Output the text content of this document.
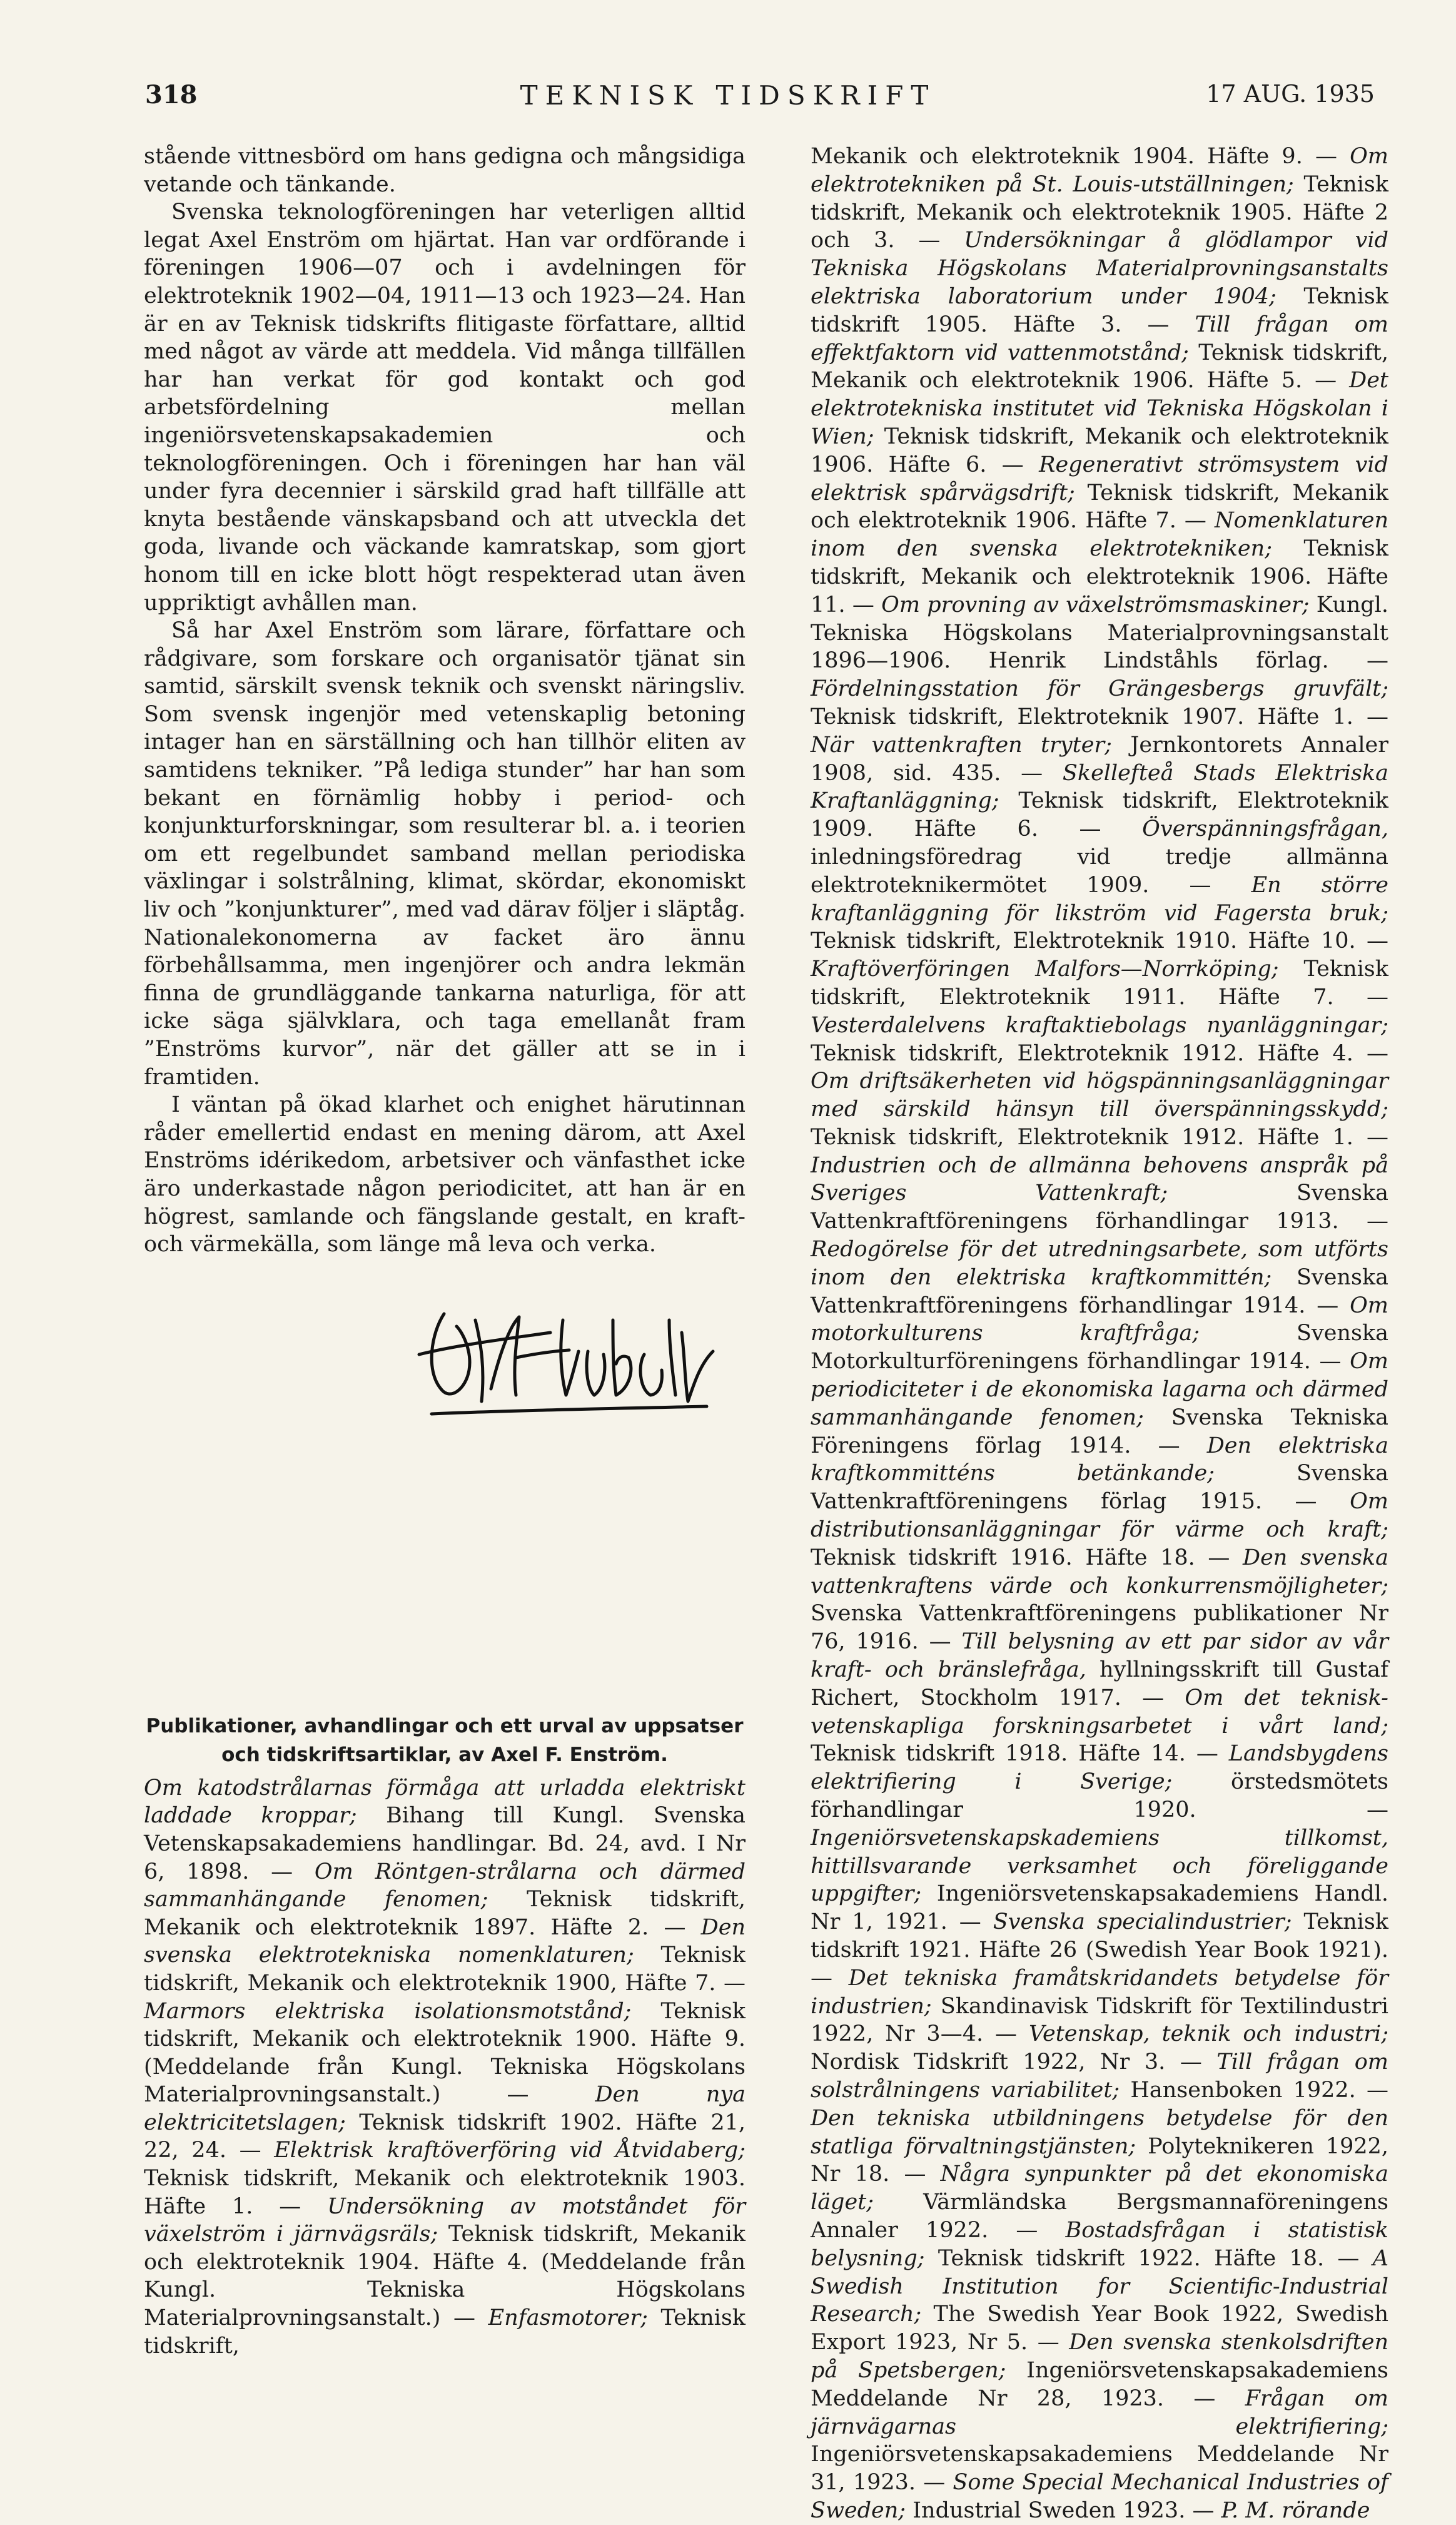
318	TEKNISK TIDSKRIFT	17 AUG. 1935

stående vittnesbörd om hans gedigna och mångsidiga vetande och tänkande.

Svenska teknologföreningen har veterligen alltid legat Axel Enström om hjärtat. Han var ordförande i föreningen 1906—07 och i avdelningen för elektroteknik 1902—04, 1911—13 och 1923—24. Han är en av Teknisk tidskrifts flitigaste författare, alltid med något av värde att meddela. Vid många tillfällen har han verkat för god kontakt och god arbetsfördelning mellan ingeniörsvetenskapsakademien och teknologföreningen. Och i föreningen har han väl under fyra decennier i särskild grad haft tillfälle att knyta bestående vänskapsband och att utveckla det goda, livande och väckande kamratskap, som gjort honom till en icke blott högt respekterad utan även uppriktigt avhållen man.

Så har Axel Enström som lärare, författare och rådgivare, som forskare och organisatör tjänat sin samtid, särskilt svensk teknik och svenskt näringsliv. Som svensk ingenjör med vetenskaplig betoning intager han en särställning och han tillhör eliten av samtidens tekniker. ”På lediga stunder” har han som bekant en förnämlig hobby i period- och konjunkturforskningar, som resulterar bl. a. i teorien om ett regelbundet samband mellan periodiska växlingar i solstrålning, klimat, skördar, ekonomiskt liv och ”konjunkturer”, med vad därav följer i släptåg. Nationalekonomerna av facket äro ännu förbehållsamma, men ingenjörer och andra lekmän finna de grundläggande tankarna naturliga, för att icke säga självklara, och taga emellanåt fram ”Enströms kurvor”, när det gäller att se in i framtiden.

I väntan på ökad klarhet och enighet härutinnan råder emellertid endast en mening därom, att Axel Enströms idérikedom, arbetsiver och vänfasthet icke äro underkastade någon periodicitet, att han är en högrest, samlande och fängslande gestalt, en kraft- och värmekälla, som länge må leva och verka.

Publikationer, avhandlingar och ett urval av uppsatser och tidskriftsartiklar, av Axel F. Enström.

Om katodstrålarnas förmåga att urladda elektriskt laddade kroppar; Bihang till Kungl. Svenska Vetenskapsakademiens handlingar. Bd. 24, avd. I Nr 6, 1898. — Om Röntgen-strålarna och därmed sammanhängande fenomen; Teknisk tidskrift, Mekanik och elektroteknik 1897. Häfte 2. — Den svenska elektrotekniska nomenklaturen; Teknisk tidskrift, Mekanik och elektroteknik 1900, Häfte 7. — Marmors elektriska isolationsmotstånd; Teknisk tidskrift, Mekanik och elektroteknik 1900. Häfte 9. (Meddelande från Kungl. Tekniska Högskolans Materialprovningsanstalt.) — Den nya elektricitetslagen; Teknisk tidskrift 1902. Häfte 21, 22, 24. — Elektrisk kraftöverföring vid Åtvidaberg; Teknisk tidskrift, Mekanik och elektroteknik 1903. Häfte 1. — Undersökning av motståndet för växelström i järnvägsräls; Teknisk tidskrift, Mekanik och elektroteknik 1904. Häfte 4. (Meddelande från Kungl. Tekniska Högskolans Materialprovningsanstalt.) — Enfasmotorer; Teknisk tidskrift,

Mekanik och elektroteknik 1904. Häfte 9. — Om elektrotekniken på St. Louis-utställningen; Teknisk tidskrift, Mekanik och elektroteknik 1905. Häfte 2 och 3. — Undersökningar å glödlampor vid Tekniska Högskolans Materialprovningsanstalts elektriska laboratorium under 1904; Teknisk tidskrift 1905. Häfte 3. — Till frågan om effektfaktorn vid vattenmotstånd; Teknisk tidskrift, Mekanik och elektroteknik 1906. Häfte 5. — Det elektrotekniska institutet vid Tekniska Högskolan i Wien; Teknisk tidskrift, Mekanik och elektroteknik 1906. Häfte 6. — Regenerativt strömsystem vid elektrisk spårvägsdrift; Teknisk tidskrift, Mekanik och elektroteknik 1906. Häfte 7. — Nomenklaturen inom den svenska elektrotekniken; Teknisk tidskrift, Mekanik och elektroteknik 1906. Häfte 11. — Om provning av växelströmsmaskiner; Kungl. Tekniska Högskolans Materialprovningsanstalt 1896—1906. Henrik Lindståhls förlag. — Fördelningsstation för Grängesbergs gruvfält; Teknisk tidskrift, Elektroteknik 1907. Häfte 1. — När vattenkraften tryter; Jernkontorets Annaler 1908, sid. 435. — Skellefteå Stads Elektriska Kraftanläggning; Teknisk tidskrift, Elektroteknik 1909. Häfte 6. — Överspänningsfrågan, inledningsföredrag vid tredje allmänna elektroteknikermötet 1909. — En större kraftanläggning för likström vid Fagersta bruk; Teknisk tidskrift, Elektroteknik 1910. Häfte 10. — Kraftöverföringen Malfors—Norrköping; Teknisk tidskrift, Elektroteknik 1911. Häfte 7. — Vesterdalelvens kraftaktiebolags nyanläggningar; Teknisk tidskrift, Elektroteknik 1912. Häfte 4. — Om driftsäkerheten vid högspänningsanläggningar med särskild hänsyn till överspänningsskydd; Teknisk tidskrift, Elektroteknik 1912. Häfte 1. — Industrien och de allmänna behovens anspråk på Sveriges Vattenkraft; Svenska Vattenkraftföreningens förhandlingar 1913. — Redogörelse för det utredningsarbete, som utförts inom den elektriska kraftkommittén; Svenska Vattenkraftföreningens förhandlingar 1914. — Om motorkulturens kraftfråga; Svenska Motorkulturföreningens förhandlingar 1914. — Om periodiciteter i de ekonomiska lagarna och därmed sammanhängande fenomen; Svenska Tekniska Föreningens förlag 1914. — Den elektriska kraftkommitténs betänkande; Svenska Vattenkraftföreningens förlag 1915. — Om distributionsanläggningar för värme och kraft; Teknisk tidskrift 1916. Häfte 18. — Den svenska vattenkraftens värde och konkurrensmöjligheter; Svenska Vattenkraftföreningens publikationer Nr 76, 1916. — Till belysning av ett par sidor av vår kraft- och bränslefråga, hyllningsskrift till Gustaf Richert, Stockholm 1917. — Om det teknisk-vetenskapliga forskningsarbetet i vårt land; Teknisk tidskrift 1918. Häfte 14. — Landsbygdens elektrifiering i Sverige; örstedsmötets förhandlingar 1920. — Ingeniörsvetenskapskademiens tillkomst, hittillsvarande verksamhet och föreliggande uppgifter; Ingeniörsvetenskapsakademiens Handl. Nr 1, 1921. — Svenska specialindustrier; Teknisk tidskrift 1921. Häfte 26 (Swedish Year Book 1921). — Det tekniska framåtskridandets betydelse för industrien; Skandinavisk Tidskrift för Textilindustri 1922, Nr 3—4. — Vetenskap, teknik och industri; Nordisk Tidskrift 1922, Nr 3. — Till frågan om solstrålningens variabilitet; Hansenboken 1922. — Den tekniska utbildningens betydelse för den statliga förvaltningstjänsten; Polyteknikeren 1922, Nr 18. — Några synpunkter på det ekonomiska läget; Värmländska Bergsmannaföreningens Annaler 1922. — Bostadsfrågan i statistisk belysning; Teknisk tidskrift 1922. Häfte 18. — A Swedish Institution for Scientific-Industrial Research; The Swedish Year Book 1922, Swedish Export 1923, Nr 5. — Den svenska stenkolsdriften på Spetsbergen; Ingeniörsvetenskapsakademiens Meddelande Nr 28, 1923. — Frågan om järnvägarnas elektrifiering; Ingeniörsvetenskapsakademiens Meddelande Nr 31, 1923. — Some Special Mechanical Industries of Sweden; Industrial Sweden 1923. — P. M. rörande
